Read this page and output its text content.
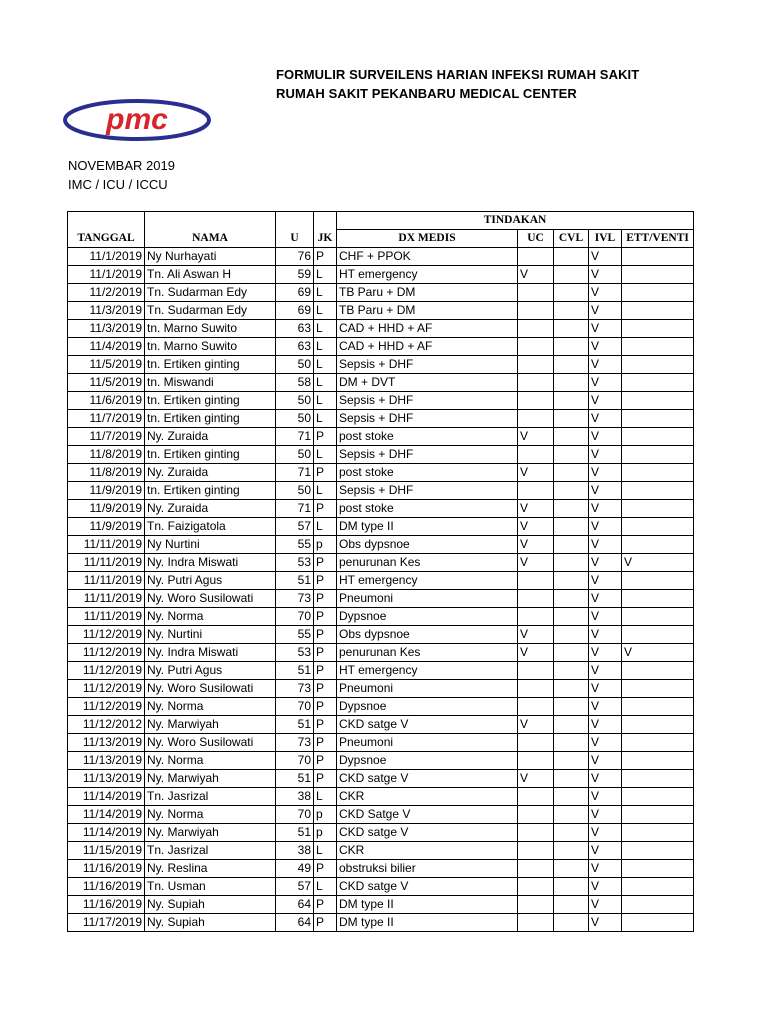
FORMULIR SURVEILENS HARIAN INFEKSI RUMAH SAKIT
RUMAH SAKIT PEKANBARU MEDICAL CENTER
pmc
NOVEMBAR 2019
IMC / ICU / ICCU
TANGGAL	NAMA	U	JK	TINDAKAN				
				DX MEDIS	UC	CVL	IVL	ETT/VENTI
11/1/2019	Ny Nurhayati	76	P	CHF + PPOK			V	
11/1/2019	Tn. Ali Aswan H	59	L	HT emergency	V		V	
11/2/2019	Tn. Sudarman Edy	69	L	TB Paru + DM			V	
11/3/2019	Tn. Sudarman Edy	69	L	TB Paru + DM			V	
11/3/2019	tn. Marno Suwito	63	L	CAD + HHD + AF			V	
11/4/2019	tn. Marno Suwito	63	L	CAD + HHD + AF			V	
11/5/2019	tn. Ertiken ginting	50	L	Sepsis + DHF			V	
11/5/2019	tn. Miswandi	58	L	DM + DVT			V	
11/6/2019	tn. Ertiken ginting	50	L	Sepsis + DHF			V	
11/7/2019	tn. Ertiken ginting	50	L	Sepsis + DHF			V	
11/7/2019	Ny. Zuraida	71	P	post stoke	V		V	
11/8/2019	tn. Ertiken ginting	50	L	Sepsis + DHF			V	
11/8/2019	Ny. Zuraida	71	P	post stoke	V		V	
11/9/2019	tn. Ertiken ginting	50	L	Sepsis + DHF			V	
11/9/2019	Ny. Zuraida	71	P	post stoke	V		V	
11/9/2019	Tn. Faizigatola	57	L	DM type II	V		V	
11/11/2019	Ny Nurtini	55	p	Obs dypsnoe	V		V	
11/11/2019	Ny. Indra Miswati	53	P	penurunan Kes	V		V	V
11/11/2019	Ny. Putri Agus	51	P	HT emergency			V	
11/11/2019	Ny. Woro Susilowati	73	P	Pneumoni			V	
11/11/2019	Ny. Norma	70	P	Dypsnoe			V	
11/12/2019	Ny. Nurtini	55	P	Obs dypsnoe	V		V	
11/12/2019	Ny. Indra Miswati	53	P	penurunan Kes	V		V	V
11/12/2019	Ny. Putri Agus	51	P	HT emergency			V	
11/12/2019	Ny. Woro Susilowati	73	P	Pneumoni			V	
11/12/2019	Ny. Norma	70	P	Dypsnoe			V	
11/12/2012	Ny. Marwiyah	51	P	CKD satge V	V		V	
11/13/2019	Ny. Woro Susilowati	73	P	Pneumoni			V	
11/13/2019	Ny. Norma	70	P	Dypsnoe			V	
11/13/2019	Ny. Marwiyah	51	P	CKD satge V	V		V	
11/14/2019	Tn. Jasrizal	38	L	CKR			V	
11/14/2019	Ny. Norma	70	p	CKD Satge V			V	
11/14/2019	Ny. Marwiyah	51	p	CKD satge V			V	
11/15/2019	Tn. Jasrizal	38	L	CKR			V	
11/16/2019	Ny. Reslina	49	P	obstruksi bilier			V	
11/16/2019	Tn. Usman	57	L	CKD satge V			V	
11/16/2019	Ny. Supiah	64	P	DM type II			V	
11/17/2019	Ny. Supiah	64	P	DM type II			V	
